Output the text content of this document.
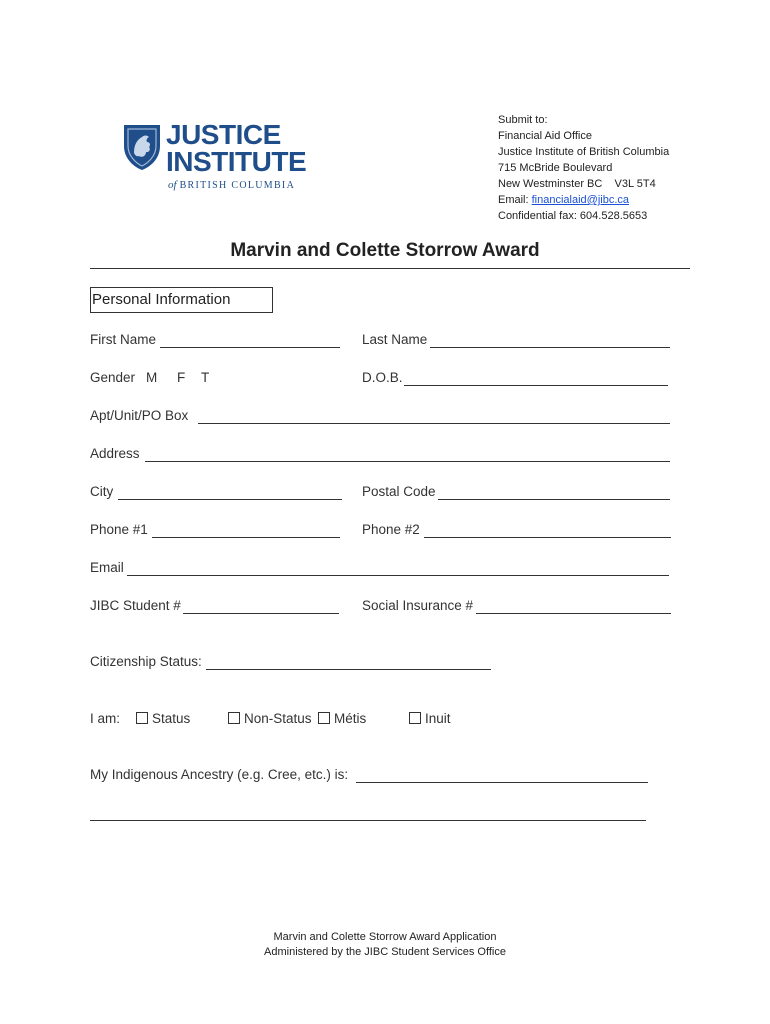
JUSTICE
INSTITUTE
of BRITISH COLUMBIA
Submit to:
Financial Aid Office
Justice Institute of British Columbia
715 McBride Boulevard
New Westminster BC    V3L 5T4
Email: financialaid@jibc.ca
Confidential fax: 604.528.5653
Marvin and Colette Storrow Award
Personal Information
First Name	Last Name
Gender M F T	D.O.B.
Apt/Unit/PO Box
Address
City	Postal Code
Phone #1	Phone #2
Email
JIBC Student #	Social Insurance #
Citizenship Status:
I am:	Status	Non-Status	Métis	Inuit
My Indigenous Ancestry (e.g. Cree, etc.) is:
Marvin and Colette Storrow Award Application
Administered by the JIBC Student Services Office
